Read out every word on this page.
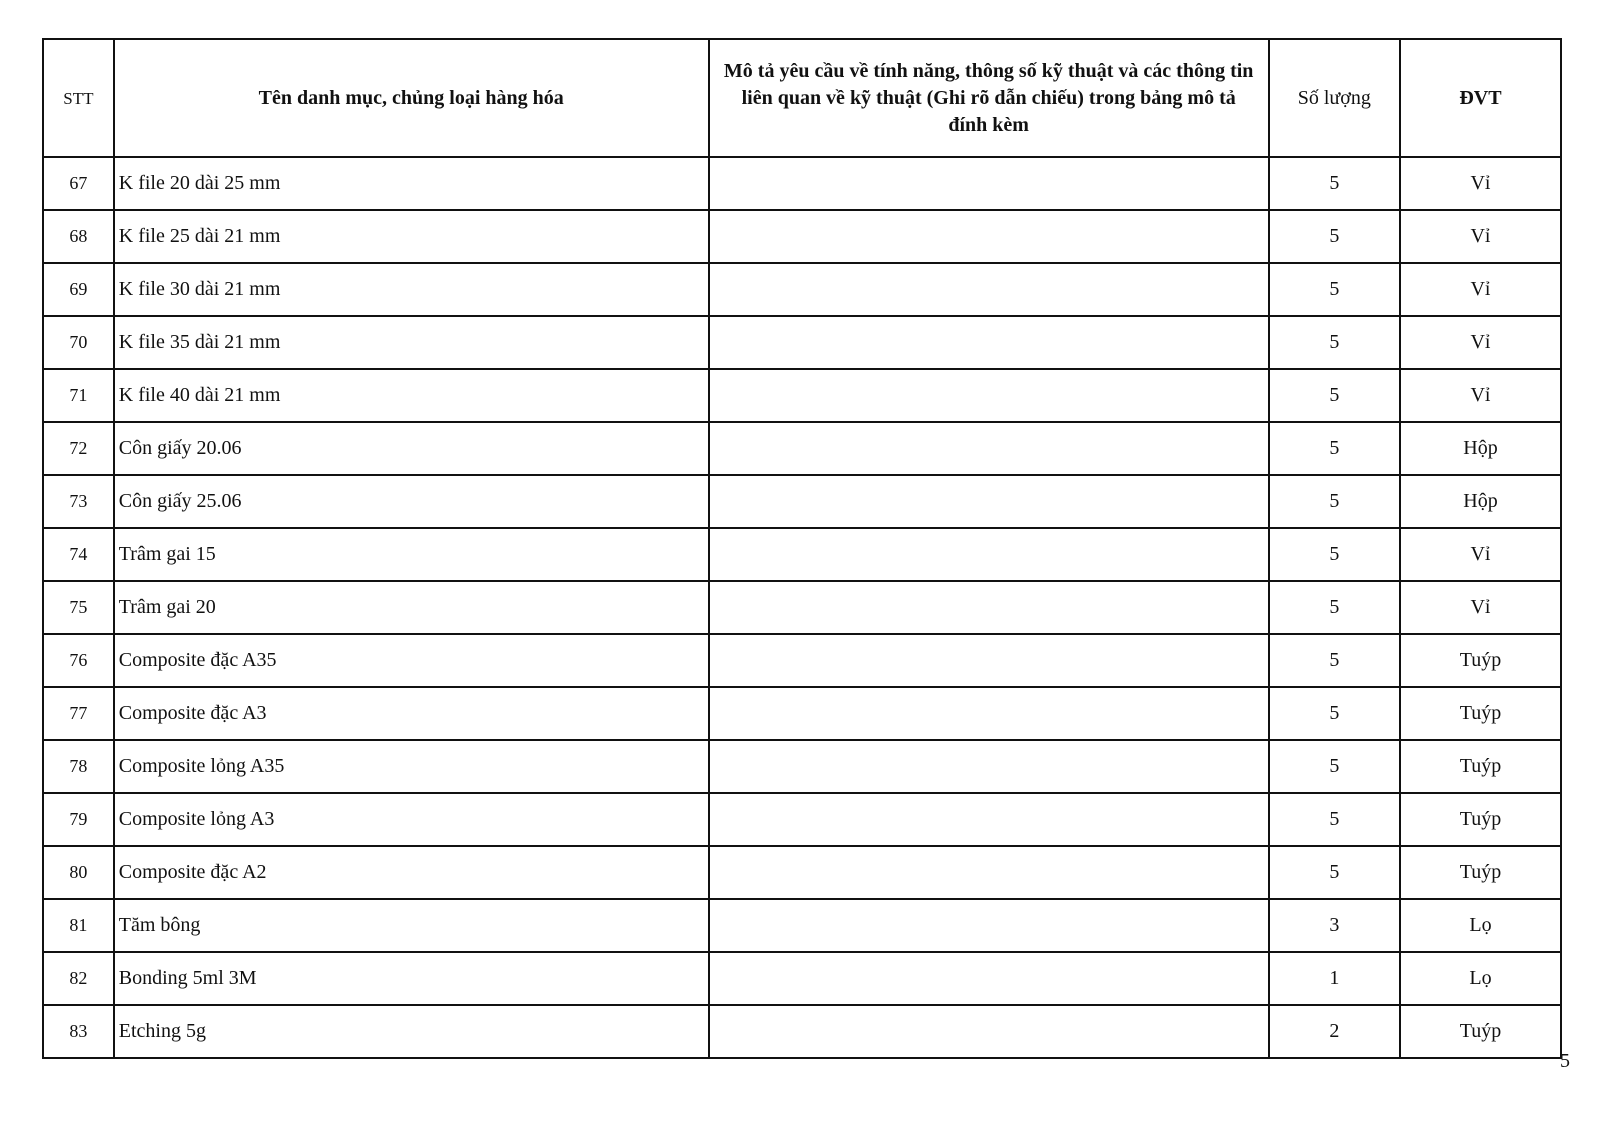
STT	Tên danh mục, chủng loại hàng hóa	Mô tả yêu cầu về tính năng, thông số kỹ thuật và các thông tin liên quan về kỹ thuật (Ghi rõ dẫn chiếu) trong bảng mô tả đính kèm	Số lượng	ĐVT
67	K file 20 dài 25 mm		5	Vỉ
68	K file 25 dài 21 mm		5	Vỉ
69	K file 30 dài 21 mm		5	Vỉ
70	K file 35 dài 21 mm		5	Vỉ
71	K file 40 dài 21 mm		5	Vỉ
72	Côn giấy 20.06		5	Hộp
73	Côn giấy 25.06		5	Hộp
74	Trâm gai 15		5	Vỉ
75	Trâm gai 20		5	Vỉ
76	Composite đặc A35		5	Tuýp
77	Composite đặc A3		5	Tuýp
78	Composite lỏng A35		5	Tuýp
79	Composite lỏng A3		5	Tuýp
80	Composite đặc A2		5	Tuýp
81	Tăm bông		3	Lọ
82	Bonding 5ml 3M		1	Lọ
83	Etching 5g		2	Tuýp
5
